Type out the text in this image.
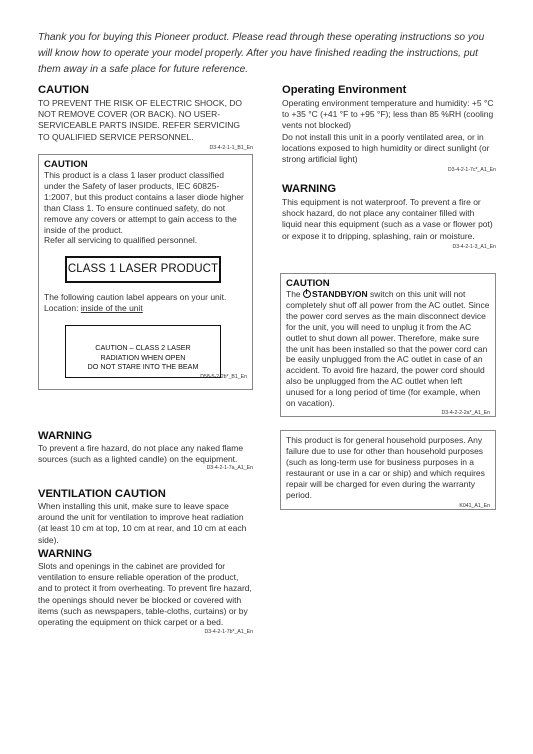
Thank you for buying this Pioneer product. Please read through these operating instructions so you will know how to operate your model properly. After you have finished reading the instructions, put them away in a safe place for future reference.

CAUTION

TO PREVENT THE RISK OF ELECTRIC SHOCK, DO NOT REMOVE COVER (OR BACK). NO USER-SERVICEABLE PARTS INSIDE. REFER SERVICING TO QUALIFIED SERVICE PERSONNEL.

D3-4-2-1-1_B1_En
CAUTION

This product is a class 1 laser product classified under the Safety of laser products, IEC 60825-1:2007, but this product contains a laser diode higher than Class 1. To ensure continued safety, do not remove any covers or attempt to gain access to the inside of the product.

Refer all servicing to qualified personnel.

CLASS 1 LASER PRODUCT

The following caution label appears on your unit.
Location: inside of the unit

CAUTION – CLASS 2 LASER
RADIATION WHEN OPEN
DO NOT STARE INTO THE BEAM
D58-5-2-2b*_B1_En
WARNING

To prevent a fire hazard, do not place any naked flame sources (such as a lighted candle) on the equipment.

D3-4-2-1-7a_A1_En
VENTILATION CAUTION

When installing this unit, make sure to leave space around the unit for ventilation to improve heat radiation (at least 10 cm at top, 10 cm at rear, and 10 cm at each side).

WARNING

Slots and openings in the cabinet are provided for ventilation to ensure reliable operation of the product, and to protect it from overheating. To prevent fire hazard, the openings should never be blocked or covered with items (such as newspapers, table-cloths, curtains) or by operating the equipment on thick carpet or a bed.

D3-4-2-1-7b*_A1_En
Operating Environment

Operating environment temperature and humidity: +5 °C to +35 °C (+41 °F to +95 °F); less than 85 %RH (cooling vents not blocked)

Do not install this unit in a poorly ventilated area, or in locations exposed to high humidity or direct sunlight (or strong artificial light)

D3-4-2-1-7c*_A1_En
WARNING

This equipment is not waterproof. To prevent a fire or shock hazard, do not place any container filled with liquid near this equipment (such as a vase or flower pot) or expose it to dripping, splashing, rain or moisture.

D3-4-2-1-3_A1_En
CAUTION

The STANDBY/ON switch on this unit will not completely shut off all power from the AC outlet. Since the power cord serves as the main disconnect device for the unit, you will need to unplug it from the AC outlet to shut down all power. Therefore, make sure the unit has been installed so that the power cord can be easily unplugged from the AC outlet in case of an accident. To avoid fire hazard, the power cord should also be unplugged from the AC outlet when left unused for a long period of time (for example, when on vacation).

D3-4-2-2-2a*_A1_En

This product is for general household purposes. Any failure due to use for other than household purposes (such as long-term use for business purposes in a restaurant or use in a car or ship) and which requires repair will be charged for even during the warranty period.

K041_A1_En
